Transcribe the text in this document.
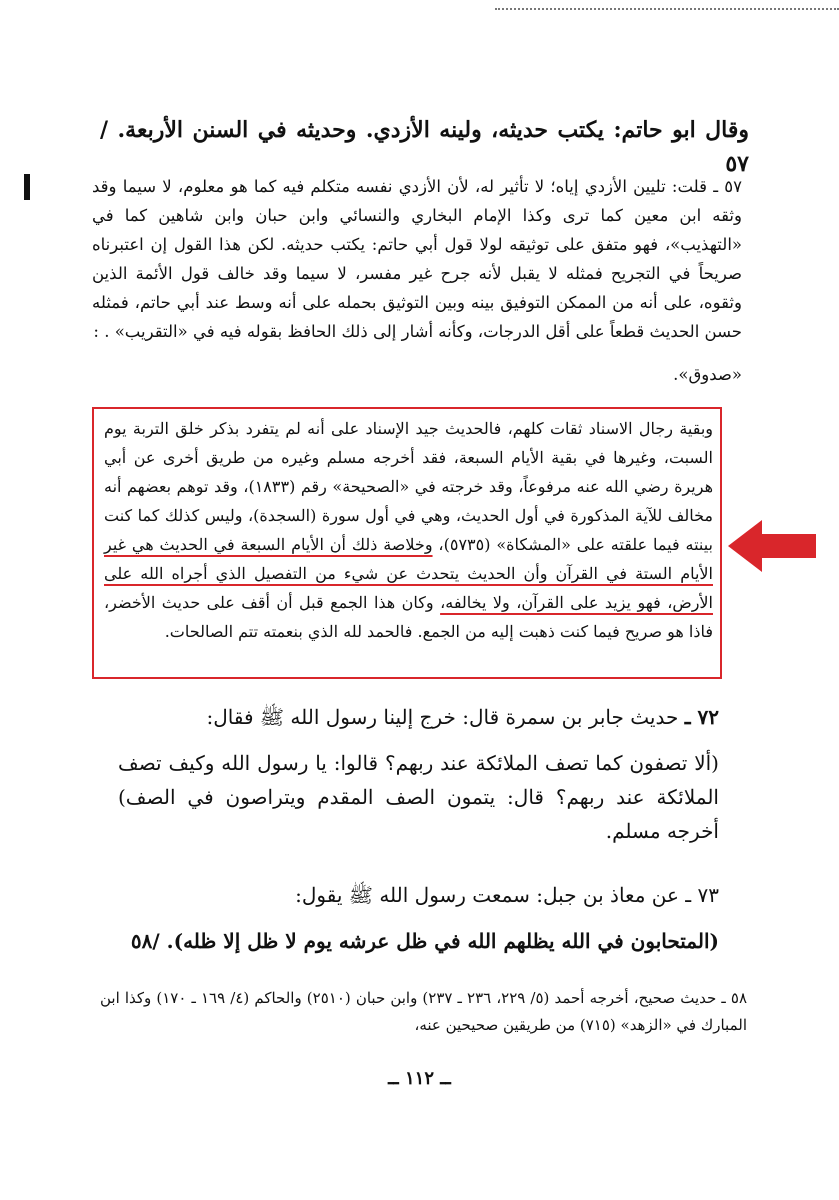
وقال ابو حاتم: يكتب حديثه، ولينه الأزدي. وحديثه في السنن الأربعة. /٥٧

٥٧ ـ قلت: تليين الأزدي إياه؛ لا تأثير له، لأن الأزدي نفسه متكلم فيه كما هو معلوم، لا سيما وقد وثقه ابن معين كما ترى وكذا الإمام البخاري والنسائي وابن حبان وابن شاهين كما في «التهذيب»، فهو متفق على توثيقه لولا قول أبي حاتم: يكتب حديثه. لكن هذا القول إن اعتبرناه صريحاً في التجريح فمثله لا يقبل لأنه جرح غير مفسر، لا سيما وقد خالف قول الأئمة الذين وثقوه، على أنه من الممكن التوفيق بينه وبين التوثيق بحمله على أنه وسط عند أبي حاتم، فمثله حسن الحديث قطعاً على أقل الدرجات، وكأنه أشار إلى ذلك الحافظ بقوله فيه في «التقريب» . :

«صدوق».

وبقية رجال الاسناد ثقات كلهم، فالحديث جيد الإسناد على أنه لم يتفرد بذكر خلق التربة يوم السبت، وغيرها في بقية الأيام السبعة، فقد أخرجه مسلم وغيره من طريق أخرى عن أبي هريرة رضي الله عنه مرفوعاً، وقد خرجته في «الصحيحة» رقم (١٨٣٣)، وقد توهم بعضهم أنه مخالف للآية المذكورة في أول الحديث، وهي في أول سورة (السجدة)، وليس كذلك كما كنت بينته فيما علقته على «المشكاة» (٥٧٣٥)، وخلاصة ذلك أن الأيام السبعة في الحديث هي غير الأيام الستة في القرآن وأن الحديث يتحدث عن شيء من التفصيل الذي أجراه الله على الأرض، فهو يزيد على القرآن، ولا يخالفه، وكان هذا الجمع قبل أن أقف على حديث الأخضر، فاذا هو صريح فيما كنت ذهبت إليه من الجمع. فالحمد لله الذي بنعمته تتم الصالحات.

٧٢ ـ حديث جابر بن سمرة قال: خرج إلينا رسول الله ﷺ فقال:

(ألا تصفون كما تصف الملائكة عند ربهم؟ قالوا: يا رسول الله وكيف تصف الملائكة عند ربهم؟ قال: يتمون الصف المقدم ويتراصون في الصف) أخرجه مسلم.

٧٣ ـ عن معاذ بن جبل: سمعت رسول الله ﷺ يقول:

(المتحابون في الله يظلهم الله في ظل عرشه يوم لا ظل إلا ظله). /٥٨

٥٨ ـ حديث صحيح، أخرجه أحمد (٥/ ٢٢٩، ٢٣٦ ـ ٢٣٧) وابن حبان (٢٥١٠) والحاكم (٤/ ١٦٩ ـ ١٧٠) وكذا ابن المبارك في «الزهد» (٧١٥) من طريقين صحيحين عنه،

ــ ١١٢ ــ
